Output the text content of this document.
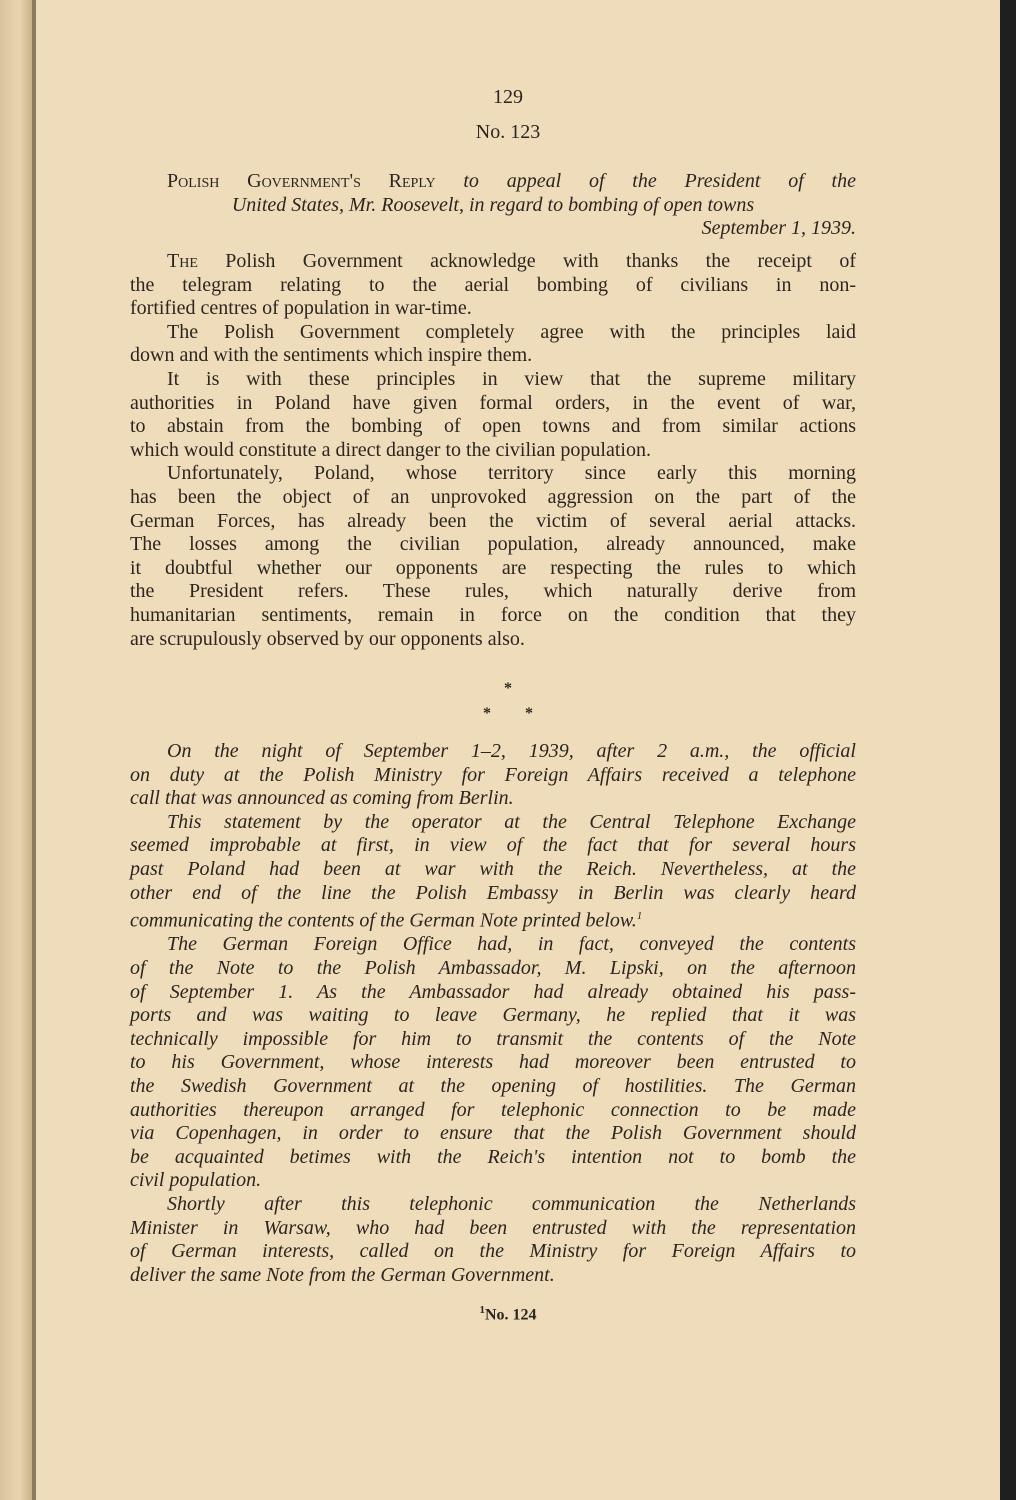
129
No. 123
Polish Government's Reply to appeal of the President of the
United States, Mr. Roosevelt, in regard to bombing of open towns
September 1, 1939.
The Polish Government acknowledge with thanks the receipt of
the telegram relating to the aerial bombing of civilians in non-
fortified centres of population in war-time.
The Polish Government completely agree with the principles laid
down and with the sentiments which inspire them.
It is with these principles in view that the supreme military
authorities in Poland have given formal orders, in the event of war,
to abstain from the bombing of open towns and from similar actions
which would constitute a direct danger to the civilian population.
Unfortunately, Poland, whose territory since early this morning
has been the object of an unprovoked aggression on the part of the
German Forces, has already been the victim of several aerial attacks.
The losses among the civilian population, already announced, make
it doubtful whether our opponents are respecting the rules to which
the President refers. These rules, which naturally derive from
humanitarian sentiments, remain in force on the condition that they
are scrupulously observed by our opponents also.
*
* *
On the night of September 1–2, 1939, after 2 a.m., the official
on duty at the Polish Ministry for Foreign Affairs received a telephone
call that was announced as coming from Berlin.
This statement by the operator at the Central Telephone Exchange
seemed improbable at first, in view of the fact that for several hours
past Poland had been at war with the Reich. Nevertheless, at the
other end of the line the Polish Embassy in Berlin was clearly heard
communicating the contents of the German Note printed below.$^1$
The German Foreign Office had, in fact, conveyed the contents
of the Note to the Polish Ambassador, M. Lipski, on the afternoon
of September 1. As the Ambassador had already obtained his pass-
ports and was waiting to leave Germany, he replied that it was
technically impossible for him to transmit the contents of the Note
to his Government, whose interests had moreover been entrusted to
the Swedish Government at the opening of hostilities. The German
authorities thereupon arranged for telephonic connection to be made
via Copenhagen, in order to ensure that the Polish Government should
be acquainted betimes with the Reich's intention not to bomb the
civil population.
Shortly after this telephonic communication the Netherlands
Minister in Warsaw, who had been entrusted with the representation
of German interests, called on the Ministry for Foreign Affairs to
deliver the same Note from the German Government.
$^1$No. 124
